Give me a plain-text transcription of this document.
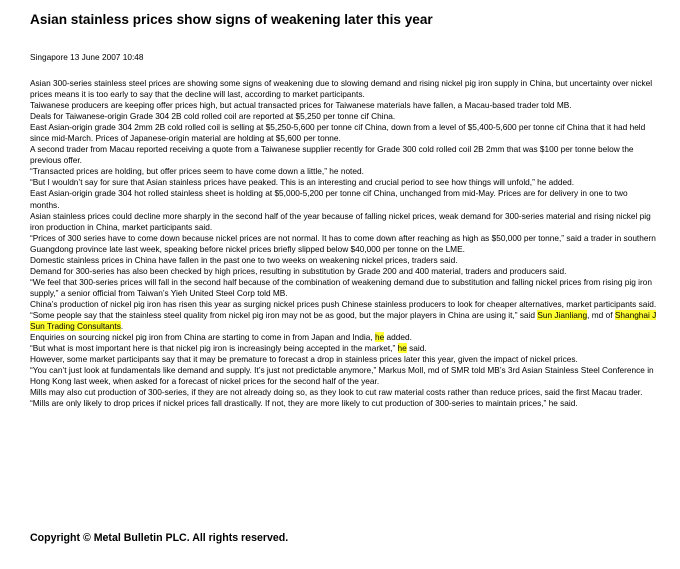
Asian stainless prices show signs of weakening later this year
Singapore 13 June 2007 10:48

Asian 300-series stainless steel prices are showing some signs of weakening due to slowing demand and rising nickel pig iron supply in China, but uncertainty over nickel prices means it is too early to say that the decline will last, according to market participants.

Taiwanese producers are keeping offer prices high, but actual transacted prices for Taiwanese materials have fallen, a Macau-based trader told MB.

Deals for Taiwanese-origin Grade 304 2B cold rolled coil are reported at $5,250 per tonne cif China.

East Asian-origin grade 304 2mm 2B cold rolled coil is selling at $5,250-5,600 per tonne cif China, down from a level of $5,400-5,600 per tonne cif China that it had held since mid-March. Prices of Japanese-origin material are holding at $5,600 per tonne.

A second trader from Macau reported receiving a quote from a Taiwanese supplier recently for Grade 300 cold rolled coil 2B 2mm that was $100 per tonne below the previous offer.

“Transacted prices are holding, but offer prices seem to have come down a little,” he noted.

“But I wouldn’t say for sure that Asian stainless prices have peaked. This is an interesting and crucial period to see how things will unfold,” he added.

East Asian-origin grade 304 hot rolled stainless sheet is holding at $5,000-5,200 per tonne cif China, unchanged from mid-May. Prices are for delivery in one to two months.

Asian stainless prices could decline more sharply in the second half of the year because of falling nickel prices, weak demand for 300-series material and rising nickel pig iron production in China, market participants said.

“Prices of 300 series have to come down because nickel prices are not normal. It has to come down after reaching as high as $50,000 per tonne,” said a trader in southern Guangdong province late last week, speaking before nickel prices briefly slipped below $40,000 per tonne on the LME.

Domestic stainless prices in China have fallen in the past one to two weeks on weakening nickel prices, traders said.

Demand for 300-series has also been checked by high prices, resulting in substitution by Grade 200 and 400 material, traders and producers said.

“We feel that 300-series prices will fall in the second half because of the combination of weakening demand due to substitution and falling nickel prices from rising pig iron supply,” a senior official from Taiwan’s Yieh United Steel Corp told MB.

China’s production of nickel pig iron has risen this year as surging nickel prices push Chinese stainless producers to look for cheaper alternatives, market participants said.

“Some people say that the stainless steel quality from nickel pig iron may not be as good, but the major players in China are using it,” said Sun Jianliang, md of Shanghai J Sun Trading Consultants.

Enquiries on sourcing nickel pig iron from China are starting to come in from Japan and India, he added.

“But what is most important here is that nickel pig iron is increasingly being accepted in the market,” he said.

However, some market participants say that it may be premature to forecast a drop in stainless prices later this year, given the impact of nickel prices.

“You can’t just look at fundamentals like demand and supply. It’s just not predictable anymore,” Markus Moll, md of SMR told MB’s 3rd Asian Stainless Steel Conference in Hong Kong last week, when asked for a forecast of nickel prices for the second half of the year.

Mills may also cut production of 300-series, if they are not already doing so, as they look to cut raw material costs rather than reduce prices, said the first Macau trader.

“Mills are only likely to drop prices if nickel prices fall drastically. If not, they are more likely to cut production of 300-series to maintain prices,” he said.

Copyright © Metal Bulletin PLC. All rights reserved.
